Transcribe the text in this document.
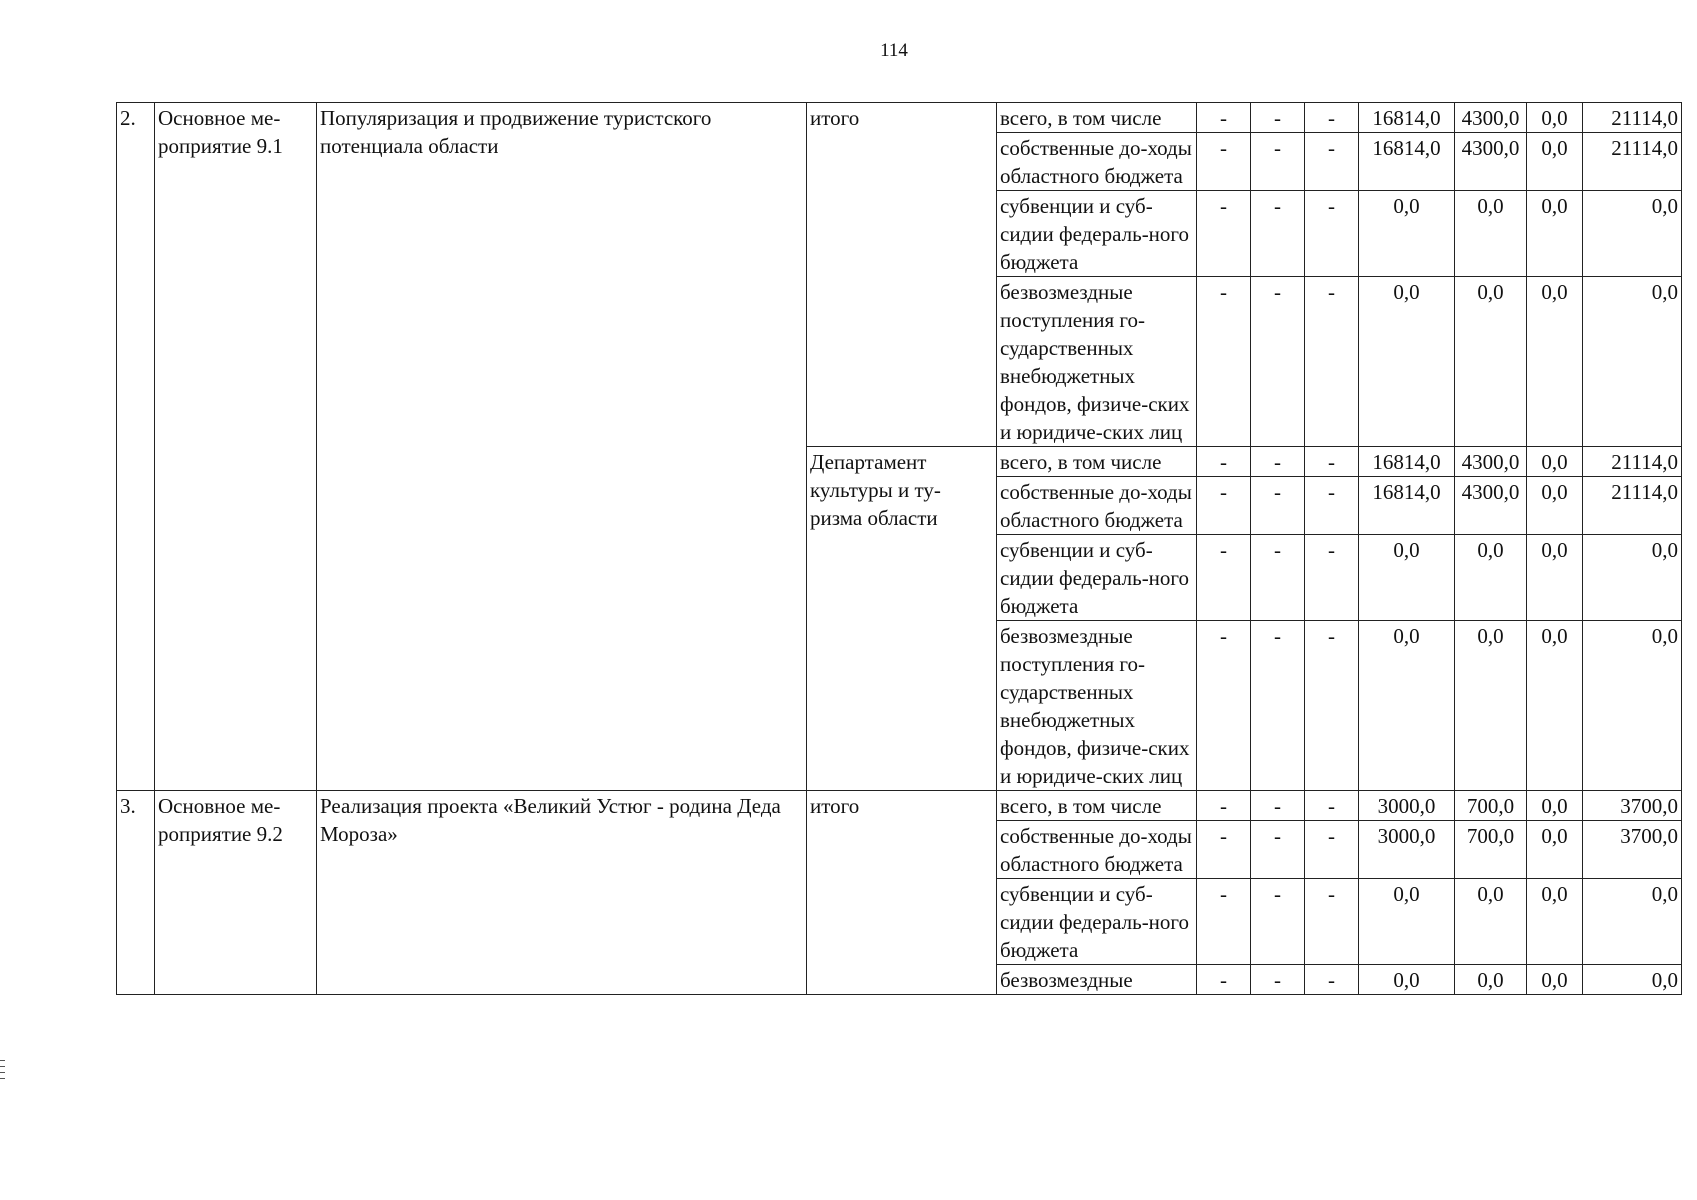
114
2.	Основное ме-роприятие 9.1	Популяризация и продвижение туристского потенциала области	итого	всего, в том числе	-	-	-	16814,0	4300,0	0,0	21114,0
				собственные до-ходы областного бюджета	-	-	-	16814,0	4300,0	0,0	21114,0
				субвенции и суб-сидии федераль-ного бюджета	-	-	-	0,0	0,0	0,0	0,0
				безвозмездные поступления го-сударственных внебюджетных фондов, физиче-ских и юридиче-ских лиц	-	-	-	0,0	0,0	0,0	0,0
			Департамент культуры и ту-ризма области	всего, в том числе	-	-	-	16814,0	4300,0	0,0	21114,0
				собственные до-ходы областного бюджета	-	-	-	16814,0	4300,0	0,0	21114,0
				субвенции и суб-сидии федераль-ного бюджета	-	-	-	0,0	0,0	0,0	0,0
				безвозмездные поступления го-сударственных внебюджетных фондов, физиче-ских и юридиче-ских лиц	-	-	-	0,0	0,0	0,0	0,0
3.	Основное ме-роприятие 9.2	Реализация проекта «Великий Устюг - родина Деда Мороза»	итого	всего, в том числе	-	-	-	3000,0	700,0	0,0	3700,0
				собственные до-ходы областного бюджета	-	-	-	3000,0	700,0	0,0	3700,0
				субвенции и суб-сидии федераль-ного бюджета	-	-	-	0,0	0,0	0,0	0,0
				безвозмездные	-	-	-	0,0	0,0	0,0	0,0
